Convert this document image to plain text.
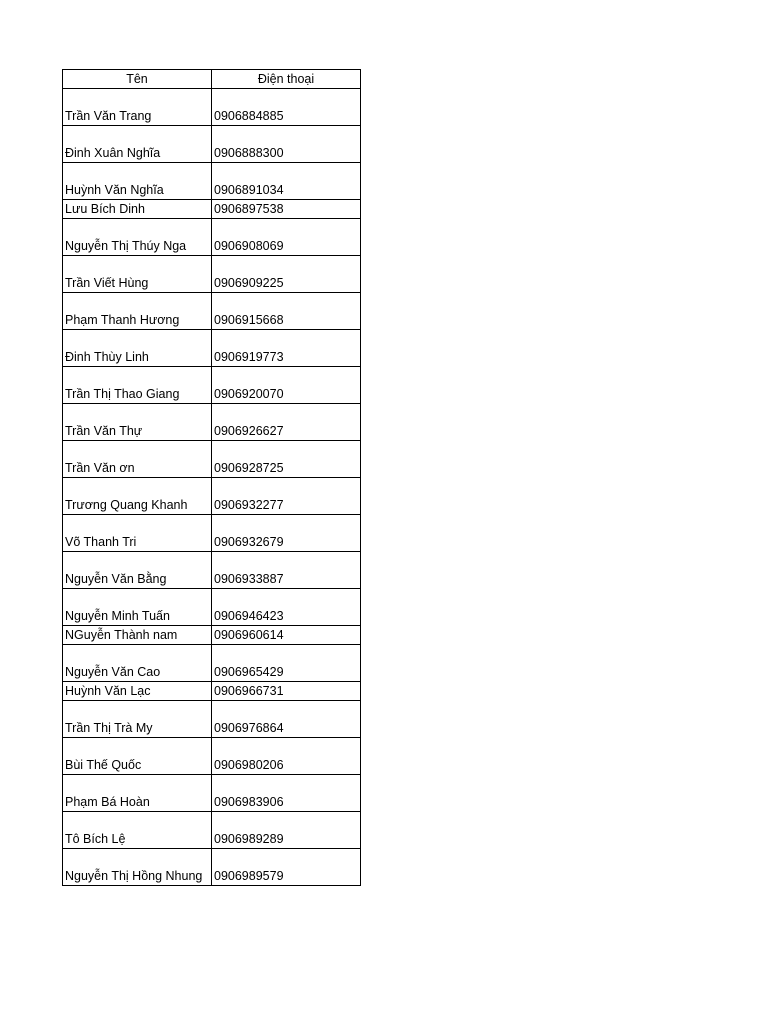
Tên	Điện thoại
Trần Văn Trang	0906884885
Đinh Xuân Nghĩa	0906888300
Huỳnh Văn Nghĩa	0906891034
Lưu Bích Dinh	0906897538
Nguyễn Thị Thúy Nga	0906908069
Trần Viết Hùng	0906909225
Phạm Thanh Hương	0906915668
Đinh Thùy Linh	0906919773
Trần Thị Thao Giang	0906920070
Trần Văn Thự	0906926627
Trần Văn ơn	0906928725
Trương Quang Khanh	0906932277
Võ Thanh Tri	0906932679
Nguyễn Văn Bằng	0906933887
Nguyễn Minh Tuấn	0906946423
NGuyễn Thành nam	0906960614
Nguyễn Văn Cao	0906965429
Huỳnh Văn Lạc	0906966731
Trần Thị Trà My	0906976864
Bùi Thế Quốc	0906980206
Phạm Bá Hoàn	0906983906
Tô Bích Lệ	0906989289
Nguyễn Thị Hồng Nhung	0906989579
